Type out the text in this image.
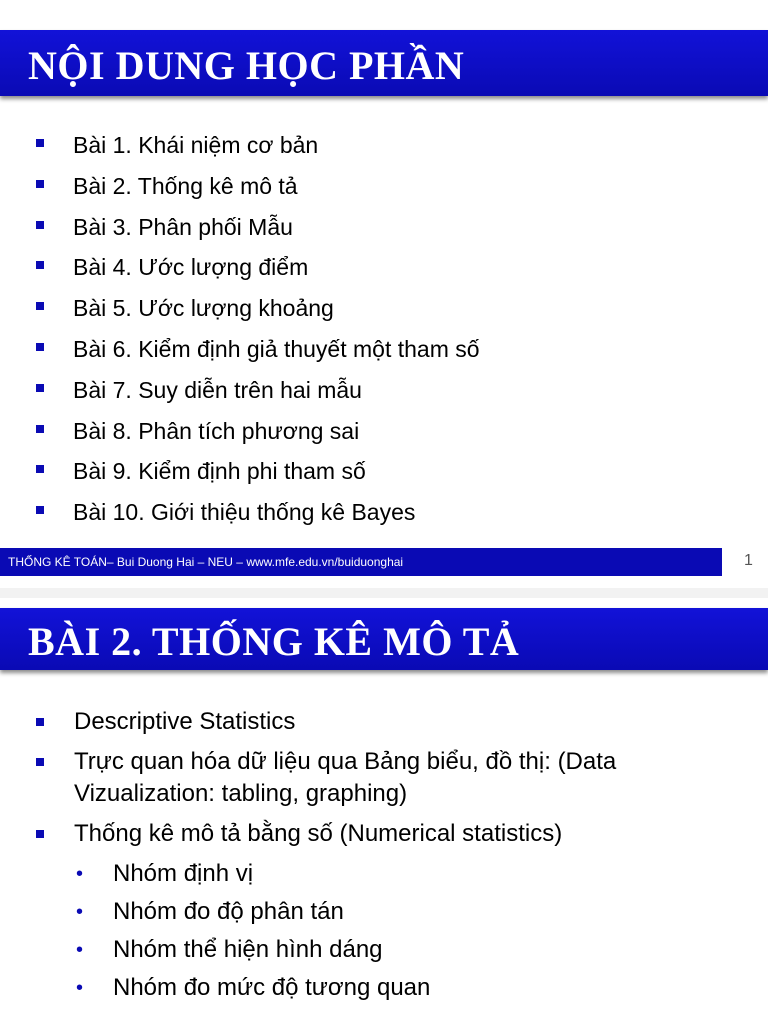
NỘI DUNG HỌC PHẦN
Bài 1. Khái niệm cơ bản
Bài 2. Thống kê mô tả
Bài 3. Phân phối Mẫu
Bài 4. Ước lượng điểm
Bài 5. Ước lượng khoảng
Bài 6. Kiểm định giả thuyết một tham số
Bài 7. Suy diễn trên hai mẫu
Bài 8. Phân tích phương sai
Bài 9. Kiểm định phi tham số
Bài 10. Giới thiệu thống kê Bayes
THỐNG KÊ TOÁN– Bui Duong Hai – NEU – www.mfe.edu.vn/buiduonghai	1
BÀI 2. THỐNG KÊ MÔ TẢ
Descriptive Statistics
Trực quan hóa dữ liệu qua Bảng biểu, đồ thị: (Data Vizualization: tabling, graphing)
Thống kê mô tả bằng số (Numerical statistics)
• Nhóm định vị
• Nhóm đo độ phân tán
• Nhóm thể hiện hình dáng
• Nhóm đo mức độ tương quan
